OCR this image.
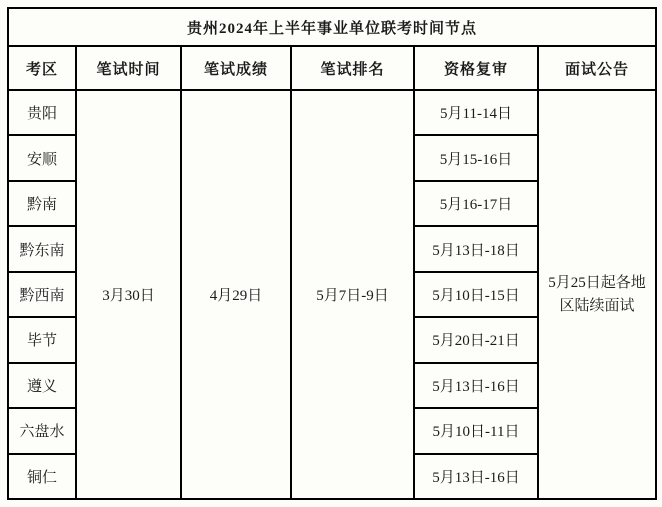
贵州2024年上半年事业单位联考时间节点					
考区	笔试时间	笔试成绩	笔试排名	资格复审	面试公告
贵阳	3月30日	4月29日	5月7日-9日	5月11-14日	5月25日起各地区陆续面试
安顺				5月15-16日	
黔南				5月16-17日	
黔东南				5月13日-18日	
黔西南				5月10日-15日	
毕节				5月20日-21日	
遵义				5月13日-16日	
六盘水				5月10日-11日	
铜仁				5月13日-16日	
